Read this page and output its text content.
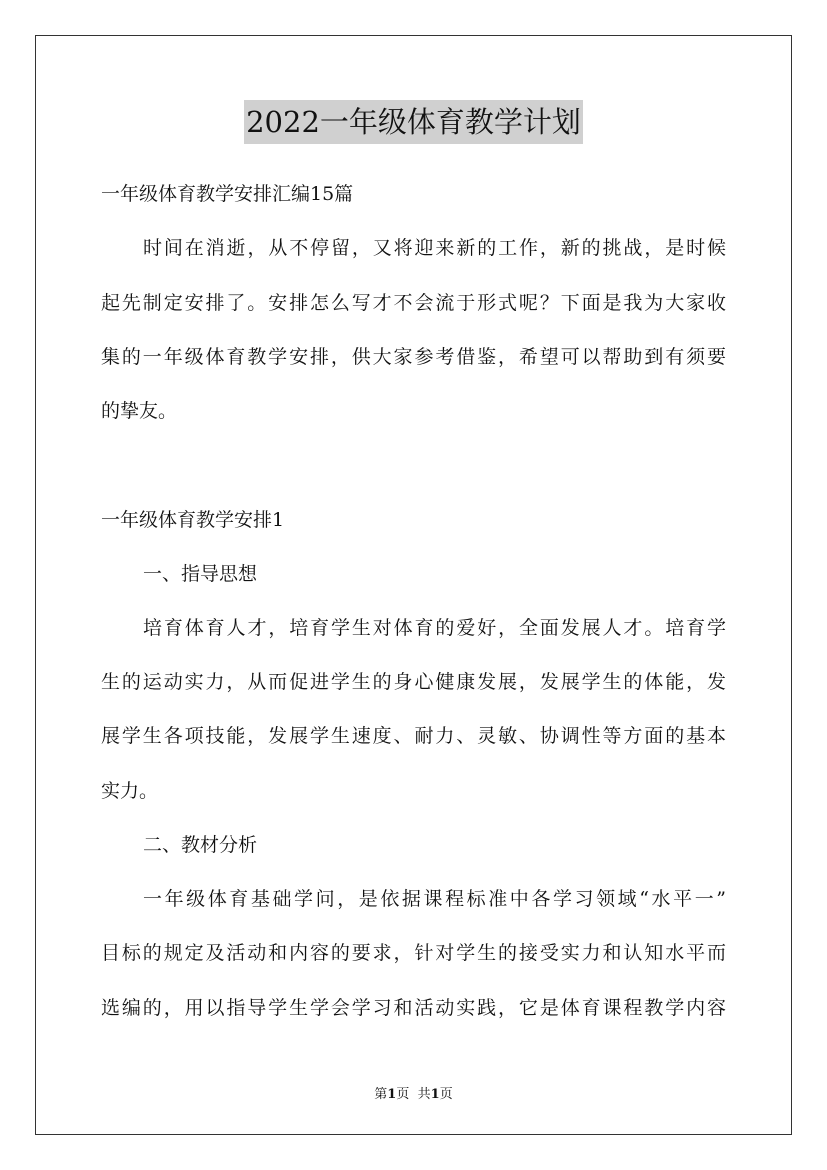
2022一年级体育教学计划
一年级体育教学安排汇编15篇
时间在消逝，从不停留，又将迎来新的工作，新的挑战，是时候
起先制定安排了。安排怎么写才不会流于形式呢？下面是我为大家收
集的一年级体育教学安排，供大家参考借鉴，希望可以帮助到有须要
的挚友。
一年级体育教学安排1
一、指导思想
培育体育人才，培育学生对体育的爱好，全面发展人才。培育学
生的运动实力，从而促进学生的身心健康发展，发展学生的体能，发
展学生各项技能，发展学生速度、耐力、灵敏、协调性等方面的基本
实力。
二、教材分析
一年级体育基础学问，是依据课程标准中各学习领域“水平一”
目标的规定及活动和内容的要求，针对学生的接受实力和认知水平而
选编的，用以指导学生学会学习和活动实践，它是体育课程教学内容
第1页 共1页
